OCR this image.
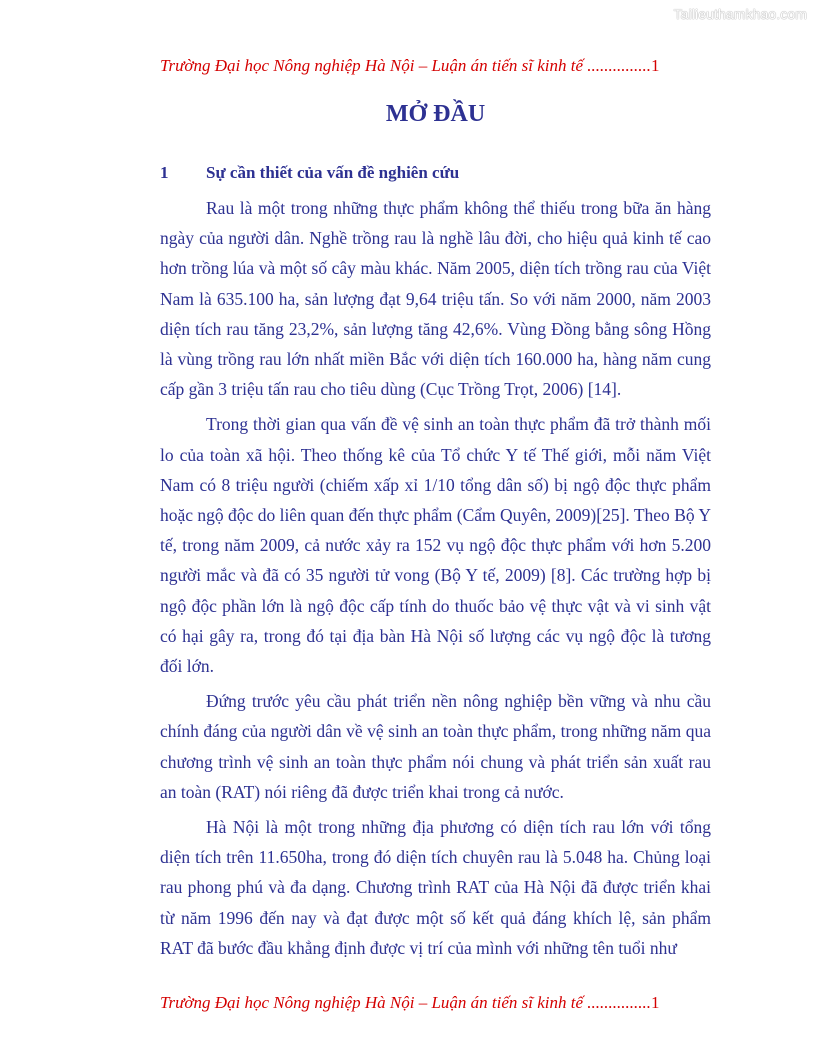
Tailieuthamkhao.com
Trường Đại học Nông nghiệp Hà Nội – Luận án tiến sĩ kinh tế ...............1
MỞ ĐẦU
1 Sự cần thiết của vấn đề nghiên cứu

Rau là một trong những thực phẩm không thể thiếu trong bữa ăn hàng ngày của người dân. Nghề trồng rau là nghề lâu đời, cho hiệu quả kinh tế cao hơn trồng lúa và một số cây màu khác. Năm 2005, diện tích trồng rau của Việt Nam là 635.100 ha, sản lượng đạt 9,64 triệu tấn. So với năm 2000, năm 2003 diện tích rau tăng 23,2%, sản lượng tăng 42,6%. Vùng Đồng bằng sông Hồng là vùng trồng rau lớn nhất miền Bắc với diện tích 160.000 ha, hàng năm cung cấp gần 3 triệu tấn rau cho tiêu dùng (Cục Trồng Trọt, 2006) [14].

Trong thời gian qua vấn đề vệ sinh an toàn thực phẩm đã trở thành mối lo của toàn xã hội. Theo thống kê của Tổ chức Y tế Thế giới, mỗi năm Việt Nam có 8 triệu người (chiếm xấp xỉ 1/10 tổng dân số) bị ngộ độc thực phẩm hoặc ngộ độc do liên quan đến thực phẩm (Cẩm Quyên, 2009)[25]. Theo Bộ Y tế, trong năm 2009, cả nước xảy ra 152 vụ ngộ độc thực phẩm với hơn 5.200 người mắc và đã có 35 người tử vong (Bộ Y tế, 2009) [8]. Các trường hợp bị ngộ độc phần lớn là ngộ độc cấp tính do thuốc bảo vệ thực vật và vi sinh vật có hại gây ra, trong đó tại địa bàn Hà Nội số lượng các vụ ngộ độc là tương đối lớn.

Đứng trước yêu cầu phát triển nền nông nghiệp bền vững và nhu cầu chính đáng của người dân về vệ sinh an toàn thực phẩm, trong những năm qua chương trình vệ sinh an toàn thực phẩm nói chung và phát triển sản xuất rau an toàn (RAT) nói riêng đã được triển khai trong cả nước.

Hà Nội là một trong những địa phương có diện tích rau lớn với tổng diện tích trên 11.650ha, trong đó diện tích chuyên rau là 5.048 ha. Chủng loại rau phong phú và đa dạng. Chương trình RAT của Hà Nội đã được triển khai từ năm 1996 đến nay và đạt được một số kết quả đáng khích lệ, sản phẩm RAT đã bước đầu khẳng định được vị trí của mình với những tên tuổi như

Trường Đại học Nông nghiệp Hà Nội – Luận án tiến sĩ kinh tế ...............1
